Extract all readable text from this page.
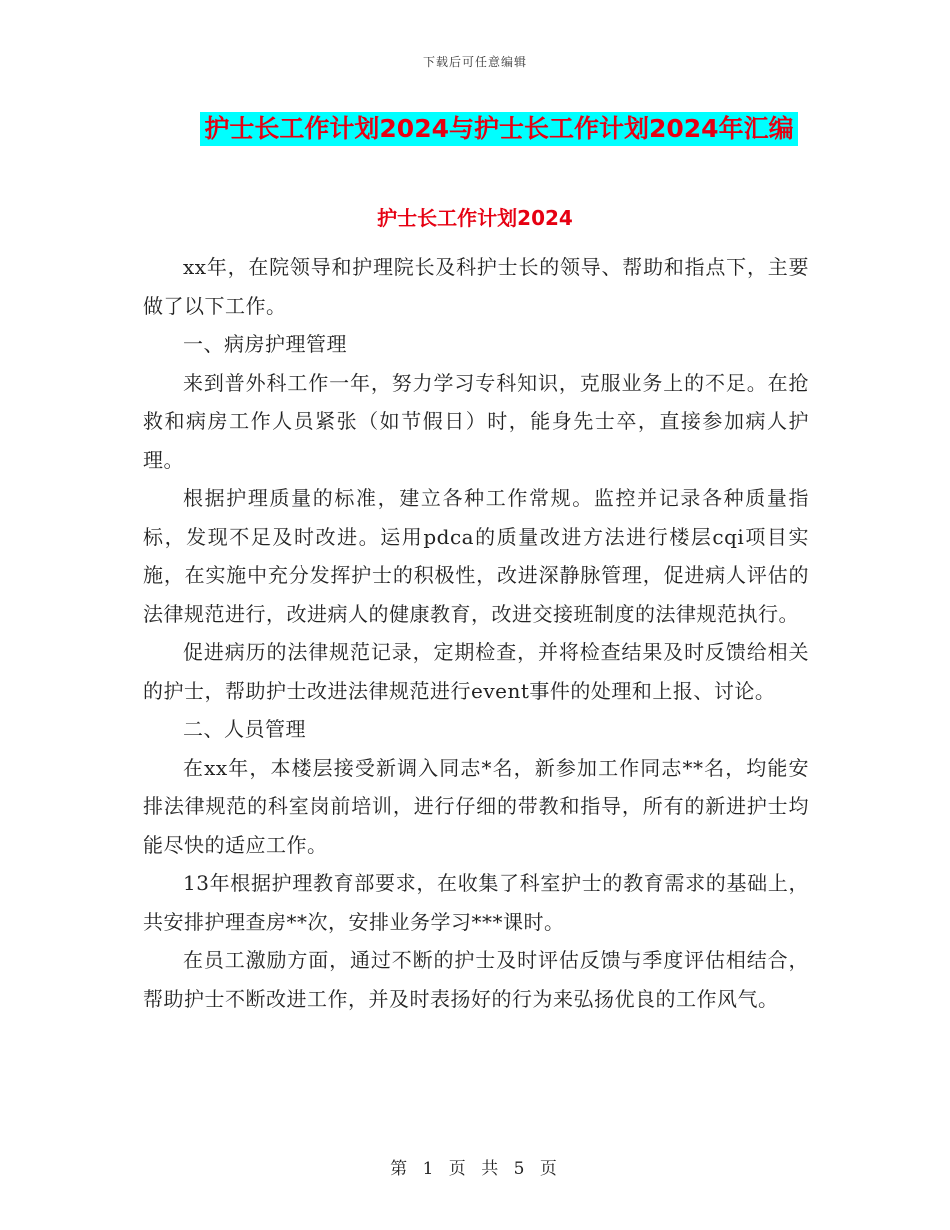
下载后可任意编辑
护士长工作计划2024与护士长工作计划2024年汇编
护士长工作计划2024

xx年，在院领导和护理院长及科护士长的领导、帮助和指点下，主要做了以下工作。

一、病房护理管理

来到普外科工作一年，努力学习专科知识，克服业务上的不足。在抢救和病房工作人员紧张（如节假日）时，能身先士卒，直接参加病人护理。

根据护理质量的标准，建立各种工作常规。监控并记录各种质量指标，发现不足及时改进。运用pdca的质量改进方法进行楼层cqi项目实施，在实施中充分发挥护士的积极性，改进深静脉管理，促进病人评估的法律规范进行，改进病人的健康教育，改进交接班制度的法律规范执行。

促进病历的法律规范记录，定期检查，并将检查结果及时反馈给相关的护士，帮助护士改进法律规范进行event事件的处理和上报、讨论。

二、人员管理

在xx年，本楼层接受新调入同志*名，新参加工作同志**名，均能安排法律规范的科室岗前培训，进行仔细的带教和指导，所有的新进护士均能尽快的适应工作。

13年根据护理教育部要求，在收集了科室护士的教育需求的基础上，共安排护理查房**次，安排业务学习***课时。

在员工激励方面，通过不断的护士及时评估反馈与季度评估相结合，帮助护士不断改进工作，并及时表扬好的行为来弘扬优良的工作风气。

第 1 页 共 5 页
